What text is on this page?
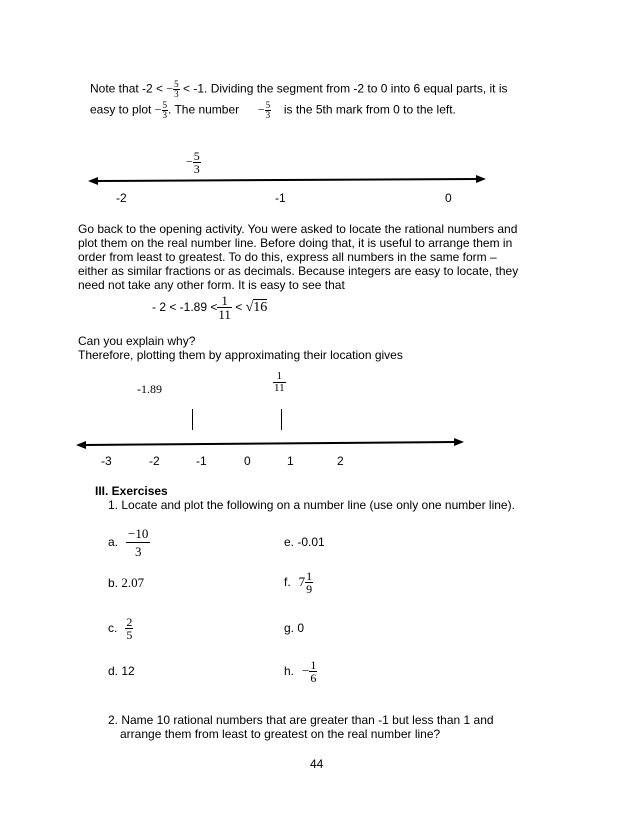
Note that -2 < − $\frac{5}{3} < -1$. Dividing the segment from -2 to 0 into 6 equal parts, it is
easy to plot − $\frac{5}{3}$ . The number − $\frac{5}{3}$ is the 5th mark from 0 to the left.
− $\frac{5}{3}$
-2	-1	0
Go back to the opening activity. You were asked to locate the rational numbers and
plot them on the real number line. Before doing that, it is useful to arrange them in
order from least to greatest. To do this, express all numbers in the same form –
either as similar fractions or as decimals. Because integers are easy to locate, they
need not take any other form. It is easy to see that
- $2 < -1.89 < \frac{1}{11} < √16$
Can you explain why?
Therefore, plotting them by approximating their location gives
-1.89	$\frac{1}{11}$
-3	-2	-1	0	1	2
III. Exercises
1. Locate and plot the following on a number line (use only one number line).
a. $\frac{-10}{3}$	e. -0.01
b. 2.07	f. $7 \frac{1}{9}$
c. $\frac{2}{5}$	g. 0
d. 12	h. − $\frac{1}{6}$
2. Name 10 rational numbers that are greater than -1 but less than 1 and
arrange them from least to greatest on the real number line?
44
